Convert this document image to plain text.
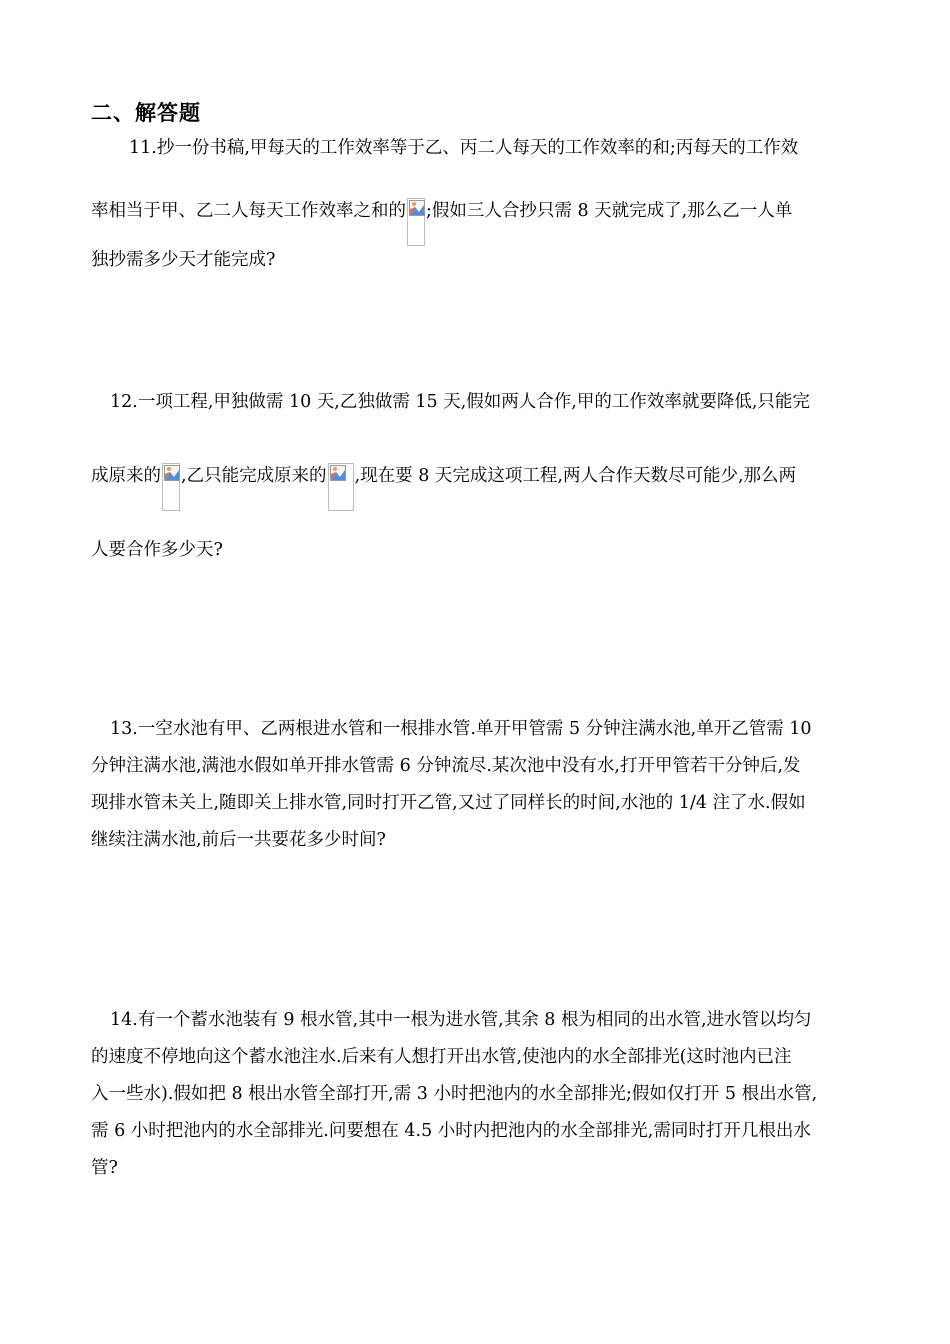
二、解答题
11.抄一份书稿,甲每天的工作效率等于乙、丙二人每天的工作效率的和;丙每天的工作效
率相当于甲、乙二人每天工作效率之和的 ;假如三人合抄只需 8 天就完成了,那么乙一人单
独抄需多少天才能完成?
12.一项工程,甲独做需 10 天,乙独做需 15 天,假如两人合作,甲的工作效率就要降低,只能完
成原来的 ,乙只能完成原来的 ,现在要 8 天完成这项工程,两人合作天数尽可能少,那么两
人要合作多少天?
13.一空水池有甲、乙两根进水管和一根排水管.单开甲管需 5 分钟注满水池,单开乙管需 10
分钟注满水池,满池水假如单开排水管需 6 分钟流尽.某次池中没有水,打开甲管若干分钟后,发
现排水管未关上,随即关上排水管,同时打开乙管,又过了同样长的时间,水池的 1/4 注了水.假如
继续注满水池,前后一共要花多少时间?
14.有一个蓄水池装有 9 根水管,其中一根为进水管,其余 8 根为相同的出水管,进水管以均匀
的速度不停地向这个蓄水池注水.后来有人想打开出水管,使池内的水全部排光(这时池内已注
入一些水).假如把 8 根出水管全部打开,需 3 小时把池内的水全部排光;假如仅打开 5 根出水管,
需 6 小时把池内的水全部排光.问要想在 4.5 小时内把池内的水全部排光,需同时打开几根出水
管?
